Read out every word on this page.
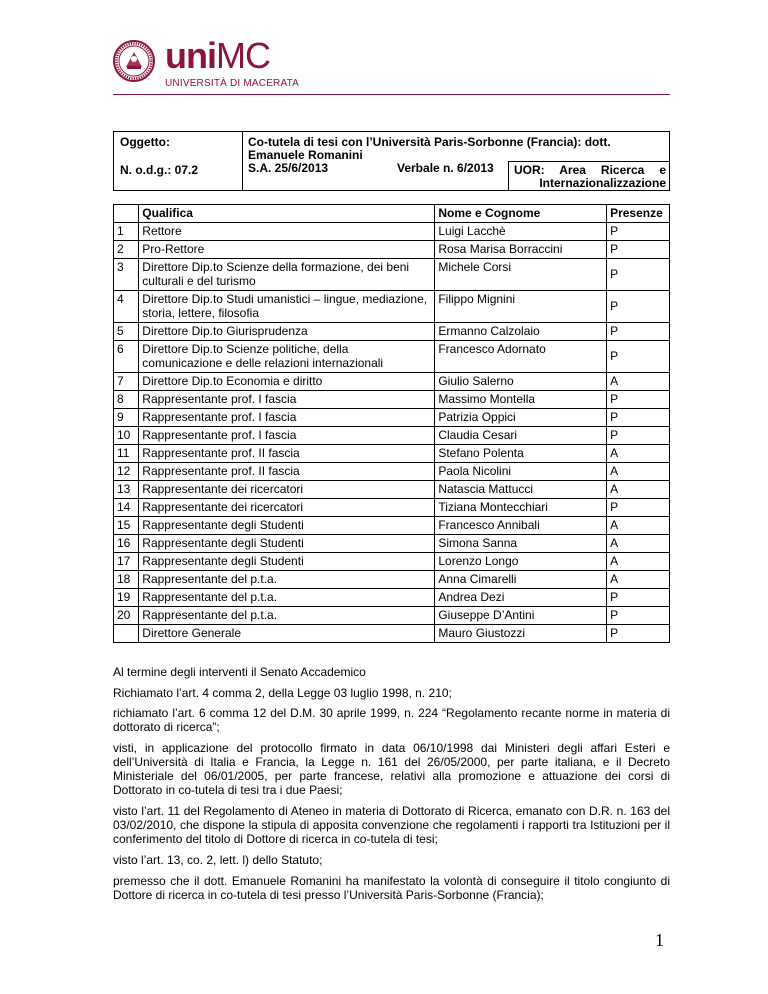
uniMC
UNIVERSITÀ DI MACERATA
Oggetto:	Co-tutela di tesi con l’Università Paris-Sorbonne (Francia): dott.
Emanuele Romanini
N. o.d.g.: 07.2	S.A. 25/6/2013	Verbale n. 6/2013 UOR: Area Ricerca e
Internazionalizzazione
	Qualifica	Nome e Cognome	Presenze
1	Rettore	Luigi Lacchè	P
2	Pro-Rettore	Rosa Marisa Borraccini	P
3	Direttore Dip.to Scienze della formazione, dei beni culturali e del turismo	Michele Corsi	P
4	Direttore Dip.to Studi umanistici – lingue, mediazione, storia, lettere, filosofia	Filippo Mignini	P
5	Direttore Dip.to Giurisprudenza	Ermanno Calzolaio	P
6	Direttore Dip.to Scienze politiche, della comunicazione e delle relazioni internazionali	Francesco Adornato	P
7	Direttore Dip.to Economia e diritto	Giulio Salerno	A
8	Rappresentante prof. I fascia	Massimo Montella	P
9	Rappresentante prof. I fascia	Patrizia Oppici	P
10	Rappresentante prof. I fascia	Claudia Cesari	P
11	Rappresentante prof. II fascia	Stefano Polenta	A
12	Rappresentante prof. II fascia	Paola Nicolini	A
13	Rappresentante dei ricercatori	Natascia Mattucci	A
14	Rappresentante dei ricercatori	Tiziana Montecchiari	P
15	Rappresentante degli Studenti	Francesco Annibali	A
16	Rappresentante degli Studenti	Simona Sanna	A
17	Rappresentante degli Studenti	Lorenzo Longo	A
18	Rappresentante del p.t.a.	Anna Cimarelli	A
19	Rappresentante del p.t.a.	Andrea Dezi	P
20	Rappresentante del p.t.a.	Giuseppe D’Antini	P
	Direttore Generale	Mauro Giustozzi	P
Al termine degli interventi il Senato Accademico
Richiamato l’art. 4 comma 2, della Legge 03 luglio 1998, n. 210;
richiamato l’art. 6 comma 12 del D.M. 30 aprile 1999, n. 224 “Regolamento recante norme in materia di dottorato di ricerca”;
visti, in applicazione del protocollo firmato in data 06/10/1998 dai Ministeri degli affari Esteri e dell’Università di Italia e Francia, la Legge n. 161 del 26/05/2000, per parte italiana, e il Decreto Ministeriale del 06/01/2005, per parte francese, relativi alla promozione e attuazione dei corsi di Dottorato in co-tutela di tesi tra i due Paesi;
visto l’art. 11 del Regolamento di Ateneo in materia di Dottorato di Ricerca, emanato con D.R. n. 163 del 03/02/2010, che dispone la stipula di apposita convenzione che regolamenti i rapporti tra Istituzioni per il conferimento del titolo di Dottore di ricerca in co-tutela di tesi;
visto l’art. 13, co. 2, lett. l) dello Statuto;
premesso che il dott. Emanuele Romanini ha manifestato la volontà di conseguire il titolo congiunto di Dottore di ricerca in co-tutela di tesi presso l’Università Paris-Sorbonne (Francia);
1
